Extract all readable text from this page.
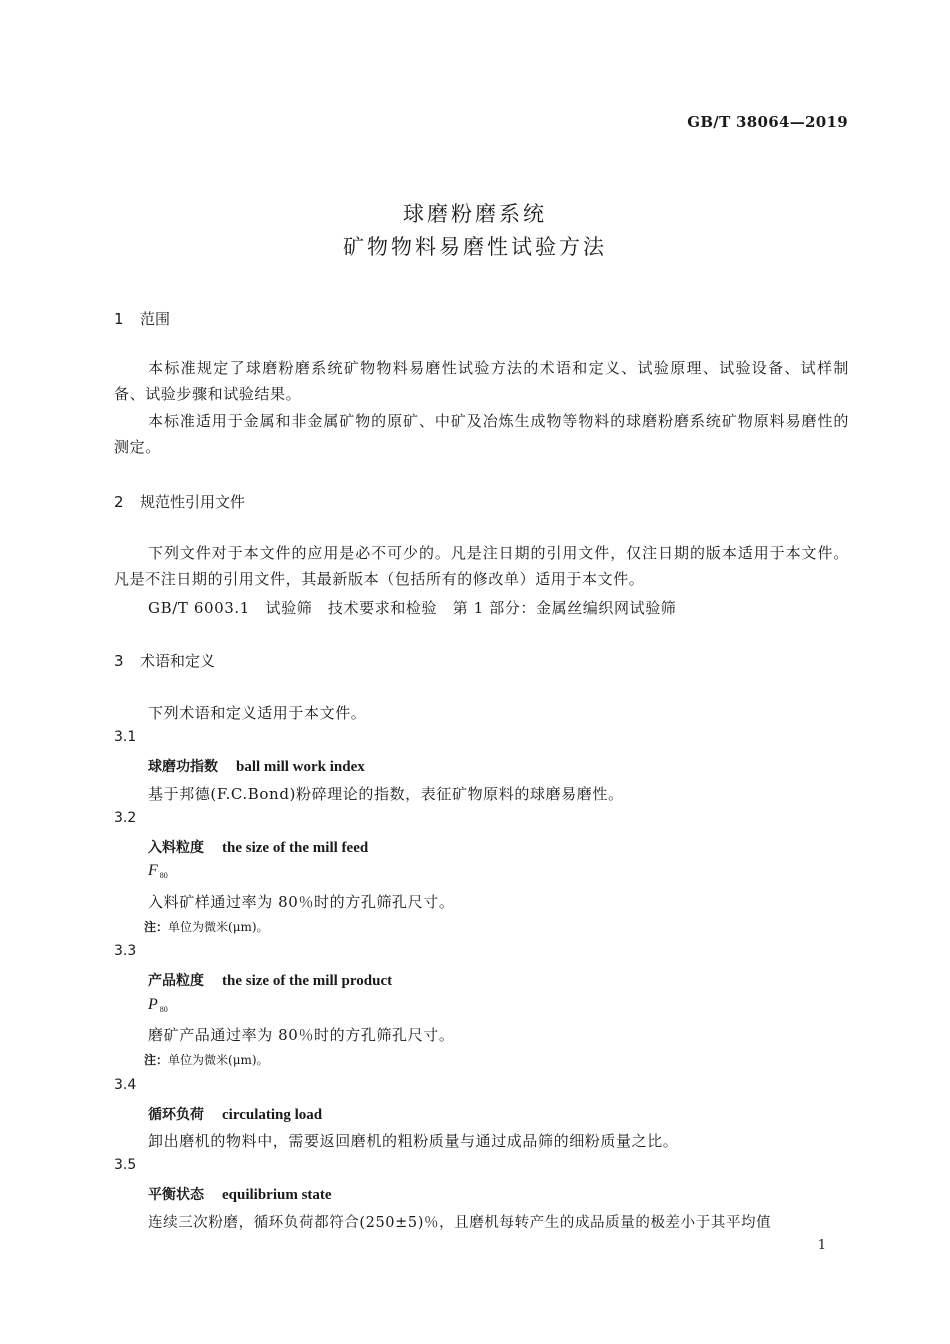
GB/T 38064—2019
球磨粉磨系统
矿物物料易磨性试验方法
1 范围
本标准规定了球磨粉磨系统矿物物料易磨性试验方法的术语和定义、试验原理、试验设备、试样制备、试验步骤和试验结果。
本标准适用于金属和非金属矿物的原矿、中矿及冶炼生成物等物料的球磨粉磨系统矿物原料易磨性的测定。
2 规范性引用文件
下列文件对于本文件的应用是必不可少的。凡是注日期的引用文件，仅注日期的版本适用于本文件。凡是不注日期的引用文件，其最新版本（包括所有的修改单）适用于本文件。
GB/T 6003.1　试验筛　技术要求和检验　第 1 部分：金属丝编织网试验筛
3 术语和定义
下列术语和定义适用于本文件。
3.1
球磨功指数 ball mill work index
基于邦德(F.C.Bond)粉碎理论的指数，表征矿物原料的球磨易磨性。
3.2
入料粒度 the size of the mill feed
F $_{80}$
入料矿样通过率为 80％时的方孔筛孔尺寸。
注：单位为微米(μm)。
3.3
产品粒度 the size of the mill product
P $_{80}$
磨矿产品通过率为 80％时的方孔筛孔尺寸。
注：单位为微米(μm)。
3.4
循环负荷 circulating load
卸出磨机的物料中，需要返回磨机的粗粉质量与通过成品筛的细粉质量之比。
3.5
平衡状态 equilibrium state
连续三次粉磨，循环负荷都符合(250±5)％，且磨机每转产生的成品质量的极差小于其平均值
1
